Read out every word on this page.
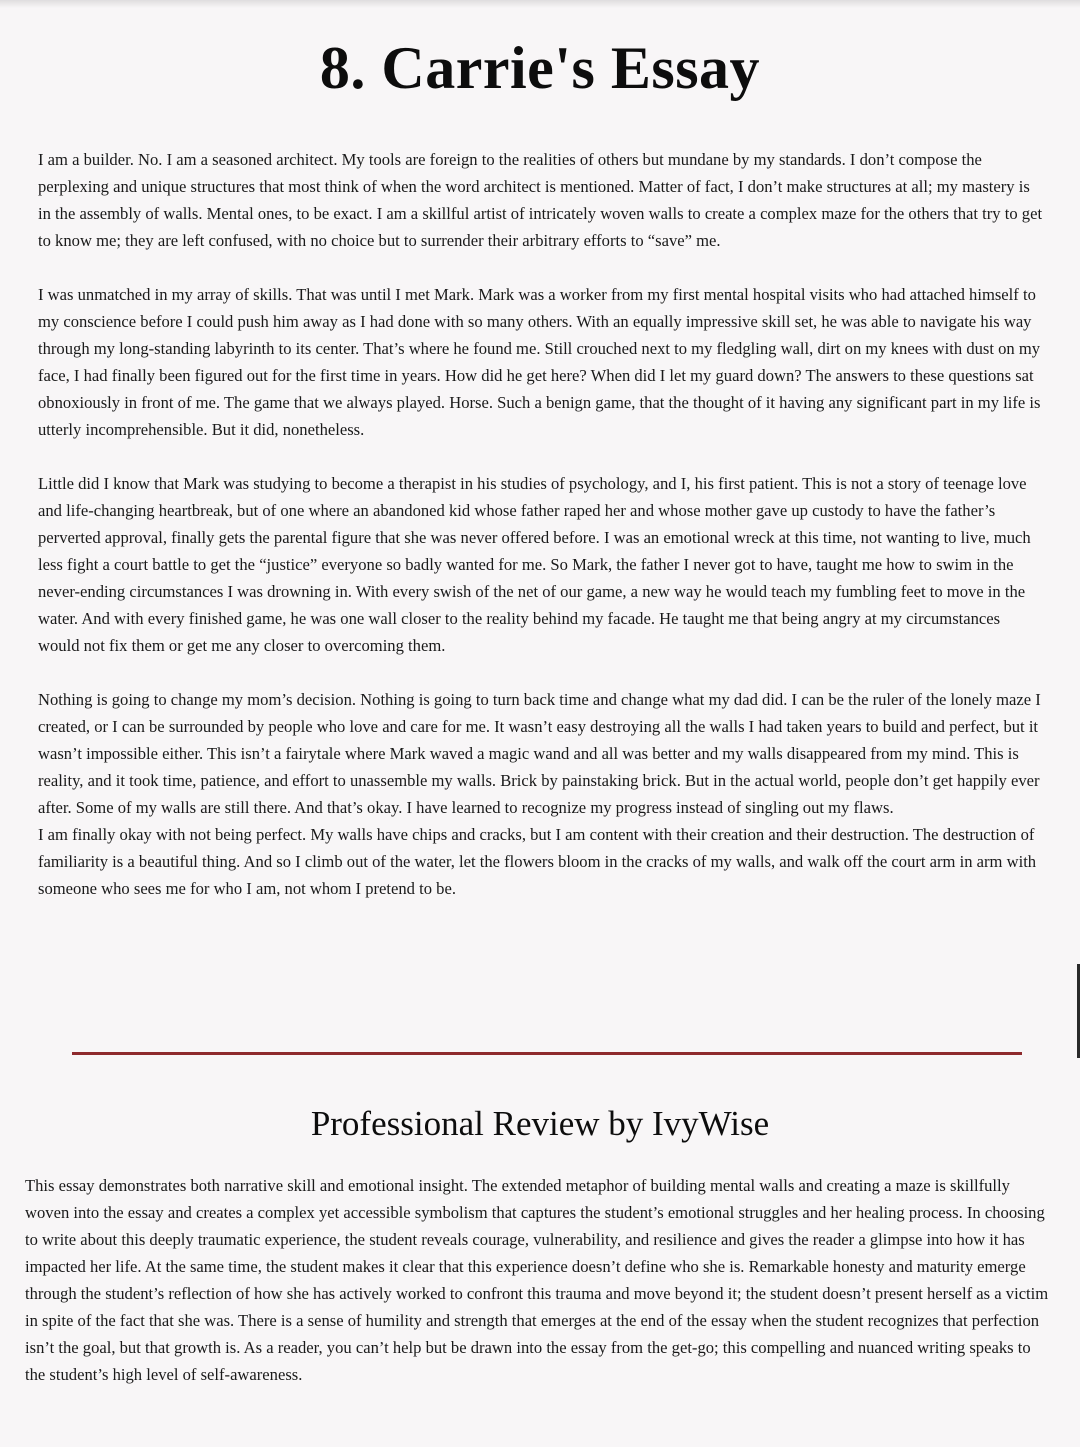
8. Carrie's Essay

I am a builder. No. I am a seasoned architect. My tools are foreign to the realities of others but mundane by my standards. I don’t compose the perplexing and unique structures that most think of when the word architect is mentioned. Matter of fact, I don’t make structures at all; my mastery is in the assembly of walls. Mental ones, to be exact. I am a skillful artist of intricately woven walls to create a complex maze for the others that try to get to know me; they are left confused, with no choice but to surrender their arbitrary efforts to “save” me.

I was unmatched in my array of skills. That was until I met Mark. Mark was a worker from my first mental hospital visits who had attached himself to my conscience before I could push him away as I had done with so many others. With an equally impressive skill set, he was able to navigate his way through my long-standing labyrinth to its center. That’s where he found me. Still crouched next to my fledgling wall, dirt on my knees with dust on my face, I had finally been figured out for the first time in years. How did he get here? When did I let my guard down? The answers to these questions sat obnoxiously in front of me. The game that we always played. Horse. Such a benign game, that the thought of it having any significant part in my life is utterly incomprehensible. But it did, nonetheless.

Little did I know that Mark was studying to become a therapist in his studies of psychology, and I, his first patient. This is not a story of teenage love and life-changing heartbreak, but of one where an abandoned kid whose father raped her and whose mother gave up custody to have the father’s perverted approval, finally gets the parental figure that she was never offered before. I was an emotional wreck at this time, not wanting to live, much less fight a court battle to get the “justice” everyone so badly wanted for me. So Mark, the father I never got to have, taught me how to swim in the never-ending circumstances I was drowning in. With every swish of the net of our game, a new way he would teach my fumbling feet to move in the water. And with every finished game, he was one wall closer to the reality behind my facade. He taught me that being angry at my circumstances would not fix them or get me any closer to overcoming them.

Nothing is going to change my mom’s decision. Nothing is going to turn back time and change what my dad did. I can be the ruler of the lonely maze I created, or I can be surrounded by people who love and care for me. It wasn’t easy destroying all the walls I had taken years to build and perfect, but it wasn’t impossible either. This isn’t a fairytale where Mark waved a magic wand and all was better and my walls disappeared from my mind. This is reality, and it took time, patience, and effort to unassemble my walls. Brick by painstaking brick. But in the actual world, people don’t get happily ever after. Some of my walls are still there. And that’s okay. I have learned to recognize my progress instead of singling out my flaws.

I am finally okay with not being perfect. My walls have chips and cracks, but I am content with their creation and their destruction. The destruction of familiarity is a beautiful thing. And so I climb out of the water, let the flowers bloom in the cracks of my walls, and walk off the court arm in arm with someone who sees me for who I am, not whom I pretend to be.

Professional Review by IvyWise

This essay demonstrates both narrative skill and emotional insight. The extended metaphor of building mental walls and creating a maze is skillfully woven into the essay and creates a complex yet accessible symbolism that captures the student’s emotional struggles and her healing process. In choosing to write about this deeply traumatic experience, the student reveals courage, vulnerability, and resilience and gives the reader a glimpse into how it has impacted her life. At the same time, the student makes it clear that this experience doesn’t define who she is. Remarkable honesty and maturity emerge through the student’s reflection of how she has actively worked to confront this trauma and move beyond it; the student doesn’t present herself as a victim in spite of the fact that she was. There is a sense of humility and strength that emerges at the end of the essay when the student recognizes that perfection isn’t the goal, but that growth is. As a reader, you can’t help but be drawn into the essay from the get-go; this compelling and nuanced writing speaks to the student’s high level of self-awareness.
